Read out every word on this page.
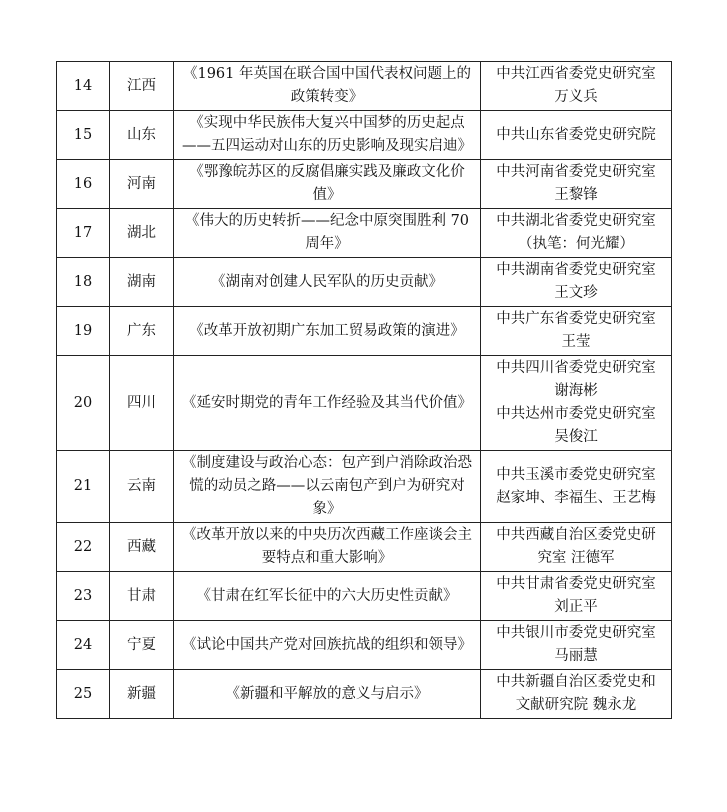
14	江西	《1961 年英国在联合国中国代表权问题上的政策转变》	中共江西省委党史研究室 万义兵

15	山东	《实现中华民族伟大复兴中国梦的历史起点——五四运动对山东的历史影响及现实启迪》	中共山东省委党史研究院

16	河南	《鄂豫皖苏区的反腐倡廉实践及廉政文化价值》	中共河南省委党史研究室 王黎锋

17	湖北	《伟大的历史转折——纪念中原突围胜利 70 周年》	中共湖北省委党史研究室（执笔：何光耀）

18	湖南	《湖南对创建人民军队的历史贡献》	中共湖南省委党史研究室 王文珍

19	广东	《改革开放初期广东加工贸易政策的演进》	中共广东省委党史研究室 王莹

20	四川	《延安时期党的青年工作经验及其当代价值》	中共四川省委党史研究室 谢海彬
中共达州市委党史研究室 吴俊江

21	云南	《制度建设与政治心态：包产到户消除政治恐慌的动员之路——以云南包产到户为研究对象》	中共玉溪市委党史研究室 赵家坤、李福生、王艺梅

22	西藏	《改革开放以来的中央历次西藏工作座谈会主要特点和重大影响》	中共西藏自治区委党史研究室 汪德军

23	甘肃	《甘肃在红军长征中的六大历史性贡献》	中共甘肃省委党史研究室 刘正平

24	宁夏	《试论中国共产党对回族抗战的组织和领导》	中共银川市委党史研究室 马丽慧

25	新疆	《新疆和平解放的意义与启示》	中共新疆自治区委党史和文献研究院 魏永龙
